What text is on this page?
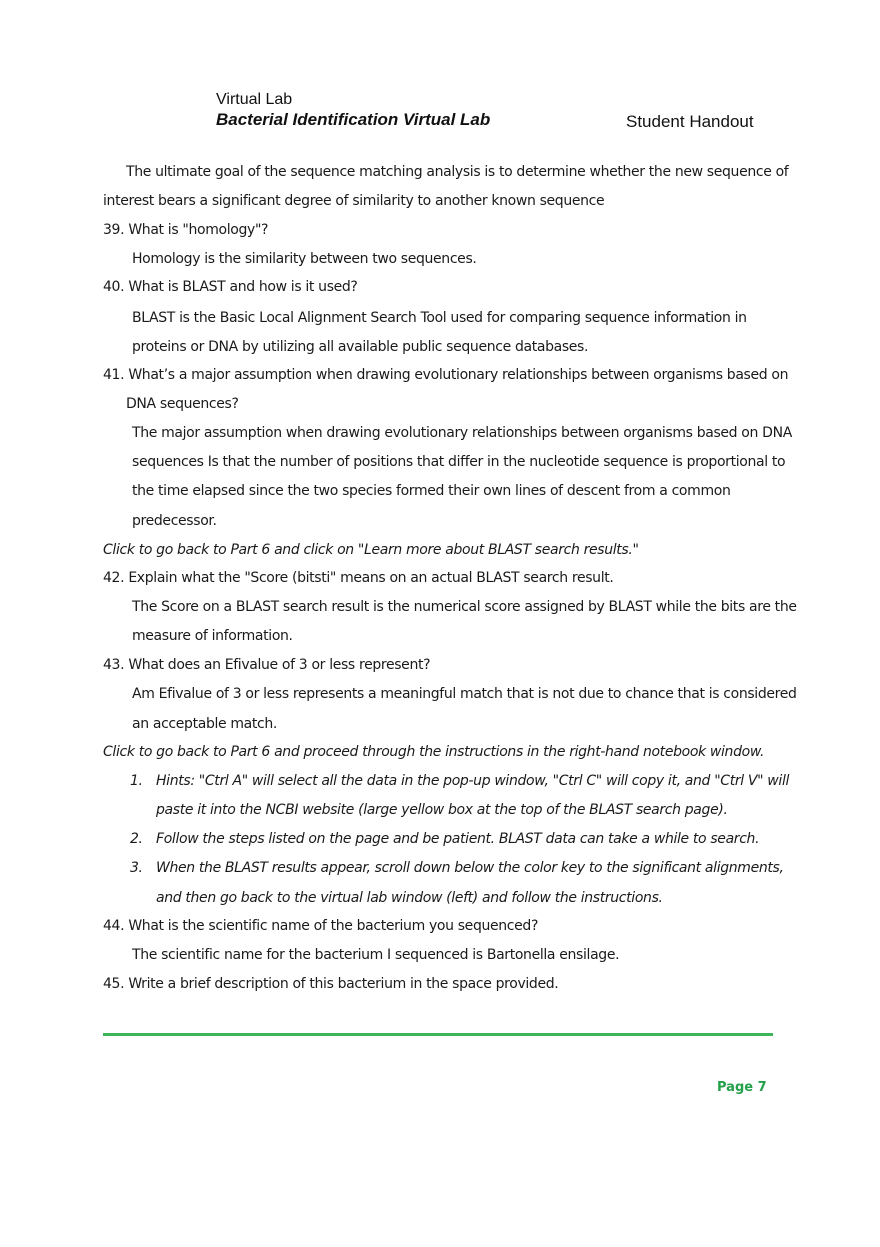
Virtual Lab
Bacterial Identification Virtual Lab	Student Handout
The ultimate goal of the sequence matching analysis is to determine whether the new sequence of
interest bears a significant degree of similarity to another known sequence
39. What is "homology"?
Homology is the similarity between two sequences.
40. What is BLAST and how is it used?
BLAST is the Basic Local Alignment Search Tool used for comparing sequence information in
proteins or DNA by utilizing all available public sequence databases.
41. What’s a major assumption when drawing evolutionary relationships between organisms based on
DNA sequences?
The major assumption when drawing evolutionary relationships between organisms based on DNA
sequences Is that the number of positions that differ in the nucleotide sequence is proportional to
the time elapsed since the two species formed their own lines of descent from a common
predecessor.
Click to go back to Part 6 and click on "Learn more about BLAST search results."
42. Explain what the "Score (bitsti" means on an actual BLAST search result.
The Score on a BLAST search result is the numerical score assigned by BLAST while the bits are the
measure of information.
43. What does an Efivalue of 3 or less represent?
Am Efivalue of 3 or less represents a meaningful match that is not due to chance that is considered
an acceptable match.
Click to go back to Part 6 and proceed through the instructions in the right-hand notebook window.
1. Hints: "Ctrl A" will select all the data in the pop-up window, "Ctrl C" will copy it, and "Ctrl V" will
paste it into the NCBI website (large yellow box at the top of the BLAST search page).
2. Follow the steps listed on the page and be patient. BLAST data can take a while to search.
3. When the BLAST results appear, scroll down below the color key to the significant alignments,
and then go back to the virtual lab window (left) and follow the instructions.
44. What is the scientific name of the bacterium you sequenced?
The scientific name for the bacterium I sequenced is Bartonella ensilage.
45. Write a brief description of this bacterium in the space provided.
Page 7
